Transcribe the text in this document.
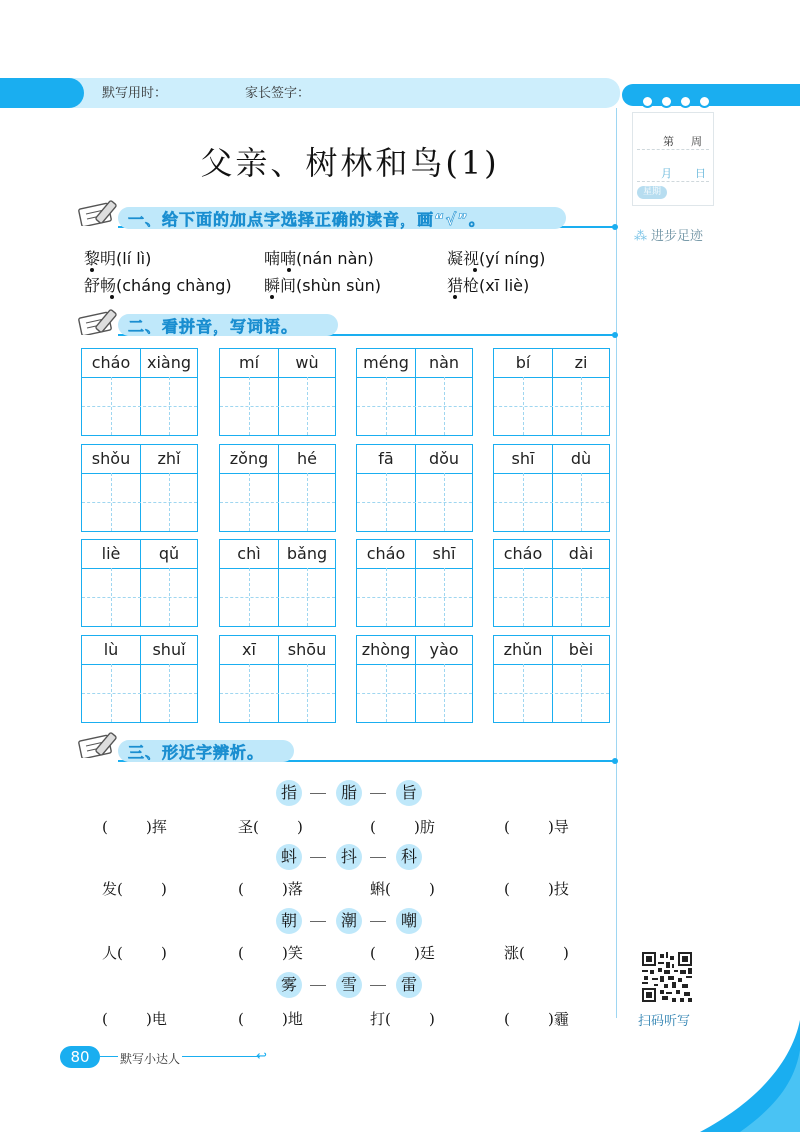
默写用时：	家长签字：
第 周
月 日
星期
⁂ 进步足迹
父亲、树林和鸟(1)
一、给下面的加点字选择正确的读音，画“√”。
黎明(lí lì)	喃喃(nán nàn)	凝视(yí níng)
舒畅(cháng chàng) 瞬间(shùn sùn)	猎枪(xī liè)
二、看拼音，写词语。
cháo	xiàng	mí	wù	méng	nàn	bí	zi
shǒu	zhǐ	zǒng	hé	fā	dǒu	shī	dù
liè	qǔ	chì	bǎng	cháo	shī	cháo	dài
lù	shuǐ	xī	shōu	zhòng	yào	zhǔn	bèi
三、形近字辨析。
指	脂	旨
(        )挥	圣(        )	(        )肪	(        )导
蚪	抖	科
发(        )	(        )落	蝌(        )	(        )技
朝	潮	嘲
人(        )	(        )笑	(        )廷	涨(        )
雾	雪	雷
(        )电	(        )地	打(        )	(        )霾	扫码听写
80	默写小达人	↩
